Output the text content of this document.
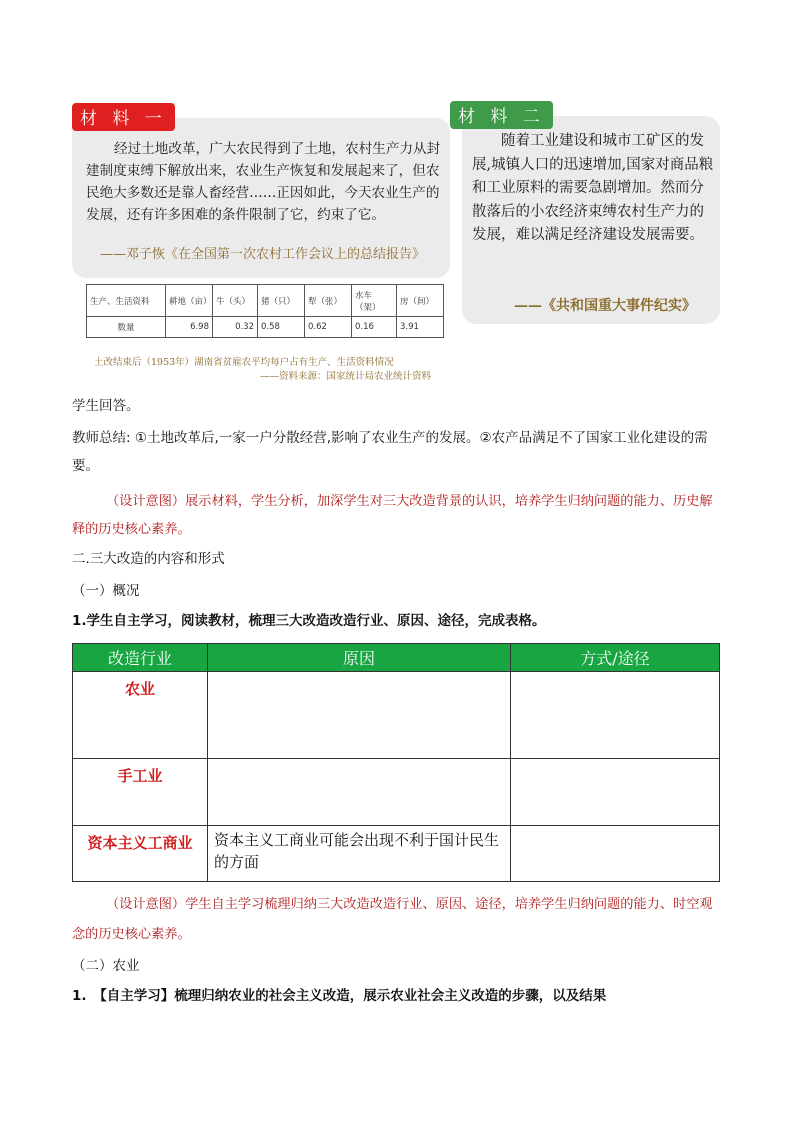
材 料 一
经过土地改革，广大农民得到了土地，农村生产力从封建制度束缚下解放出来，农业生产恢复和发展起来了，但农民绝大多数还是靠人畜经营……正因如此，今天农业生产的发展，还有许多困难的条件限制了它，约束了它。
——邓子恢《在全国第一次农村工作会议上的总结报告》
材 料 二
随着工业建设和城市工矿区的发展,城镇人口的迅速增加,国家对商品粮和工业原料的需要急剧增加。然而分散落后的小农经济束缚农村生产力的发展，难以满足经济建设发展需要。
——《共和国重大事件纪实》
生产、生活资料	耕地（亩）	牛（头）	猪（只）	犁（张）	水车（架）	房（间）
数量	6.98	0.32	0.58	0.62	0.16	3.91
土改结束后（1953年）湖南省贫雇农平均每户占有生产、生活资料情况
——资料来源：国家统计局农业统计资料
学生回答。
教师总结: ①土地改革后,一家一户分散经营,影响了农业生产的发展。②农产品满足不了国家工业化建设的需要。
（设计意图）展示材料，学生分析，加深学生对三大改造背景的认识，培养学生归纳问题的能力、历史解释的历史核心素养。
二.三大改造的内容和形式
（一）概况
1.学生自主学习，阅读教材，梳理三大改造改造行业、原因、途径，完成表格。
改造行业	原因	方式/途径
农业		
手工业		
资本主义工商业	资本主义工商业可能会出现不利于国计民生的方面	
（设计意图）学生自主学习梳理归纳三大改造改造行业、原因、途径，培养学生归纳问题的能力、时空观念的历史核心素养。
（二）农业
1.　【自主学习】梳理归纳农业的社会主义改造，展示农业社会主义改造的步骤，以及结果
